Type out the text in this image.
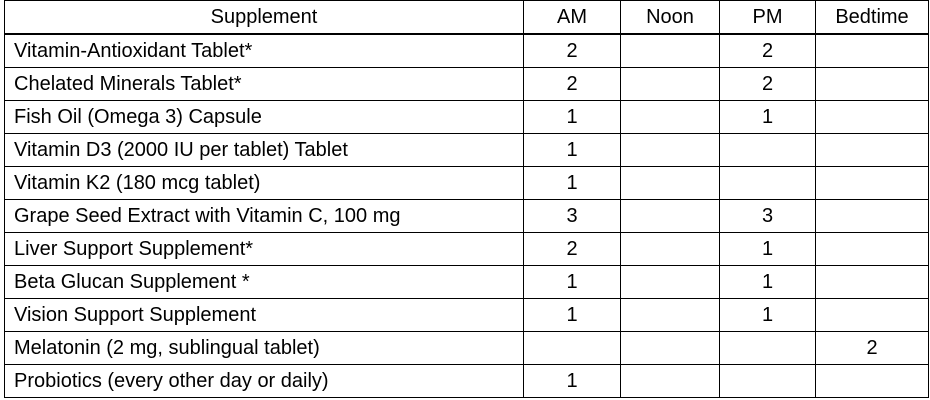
Supplement	AM	Noon	PM	Bedtime
Vitamin-Antioxidant Tablet*	2		2	
Chelated Minerals Tablet*	2		2	
Fish Oil (Omega 3) Capsule	1		1	
Vitamin D3 (2000 IU per tablet) Tablet	1			
Vitamin K2 (180 mcg tablet)	1			
Grape Seed Extract with Vitamin C, 100 mg	3		3	
Liver Support Supplement*	2		1	
Beta Glucan Supplement *	1		1	
Vision Support Supplement	1		1	
Melatonin (2 mg, sublingual tablet)				2
Probiotics (every other day or daily)	1			
